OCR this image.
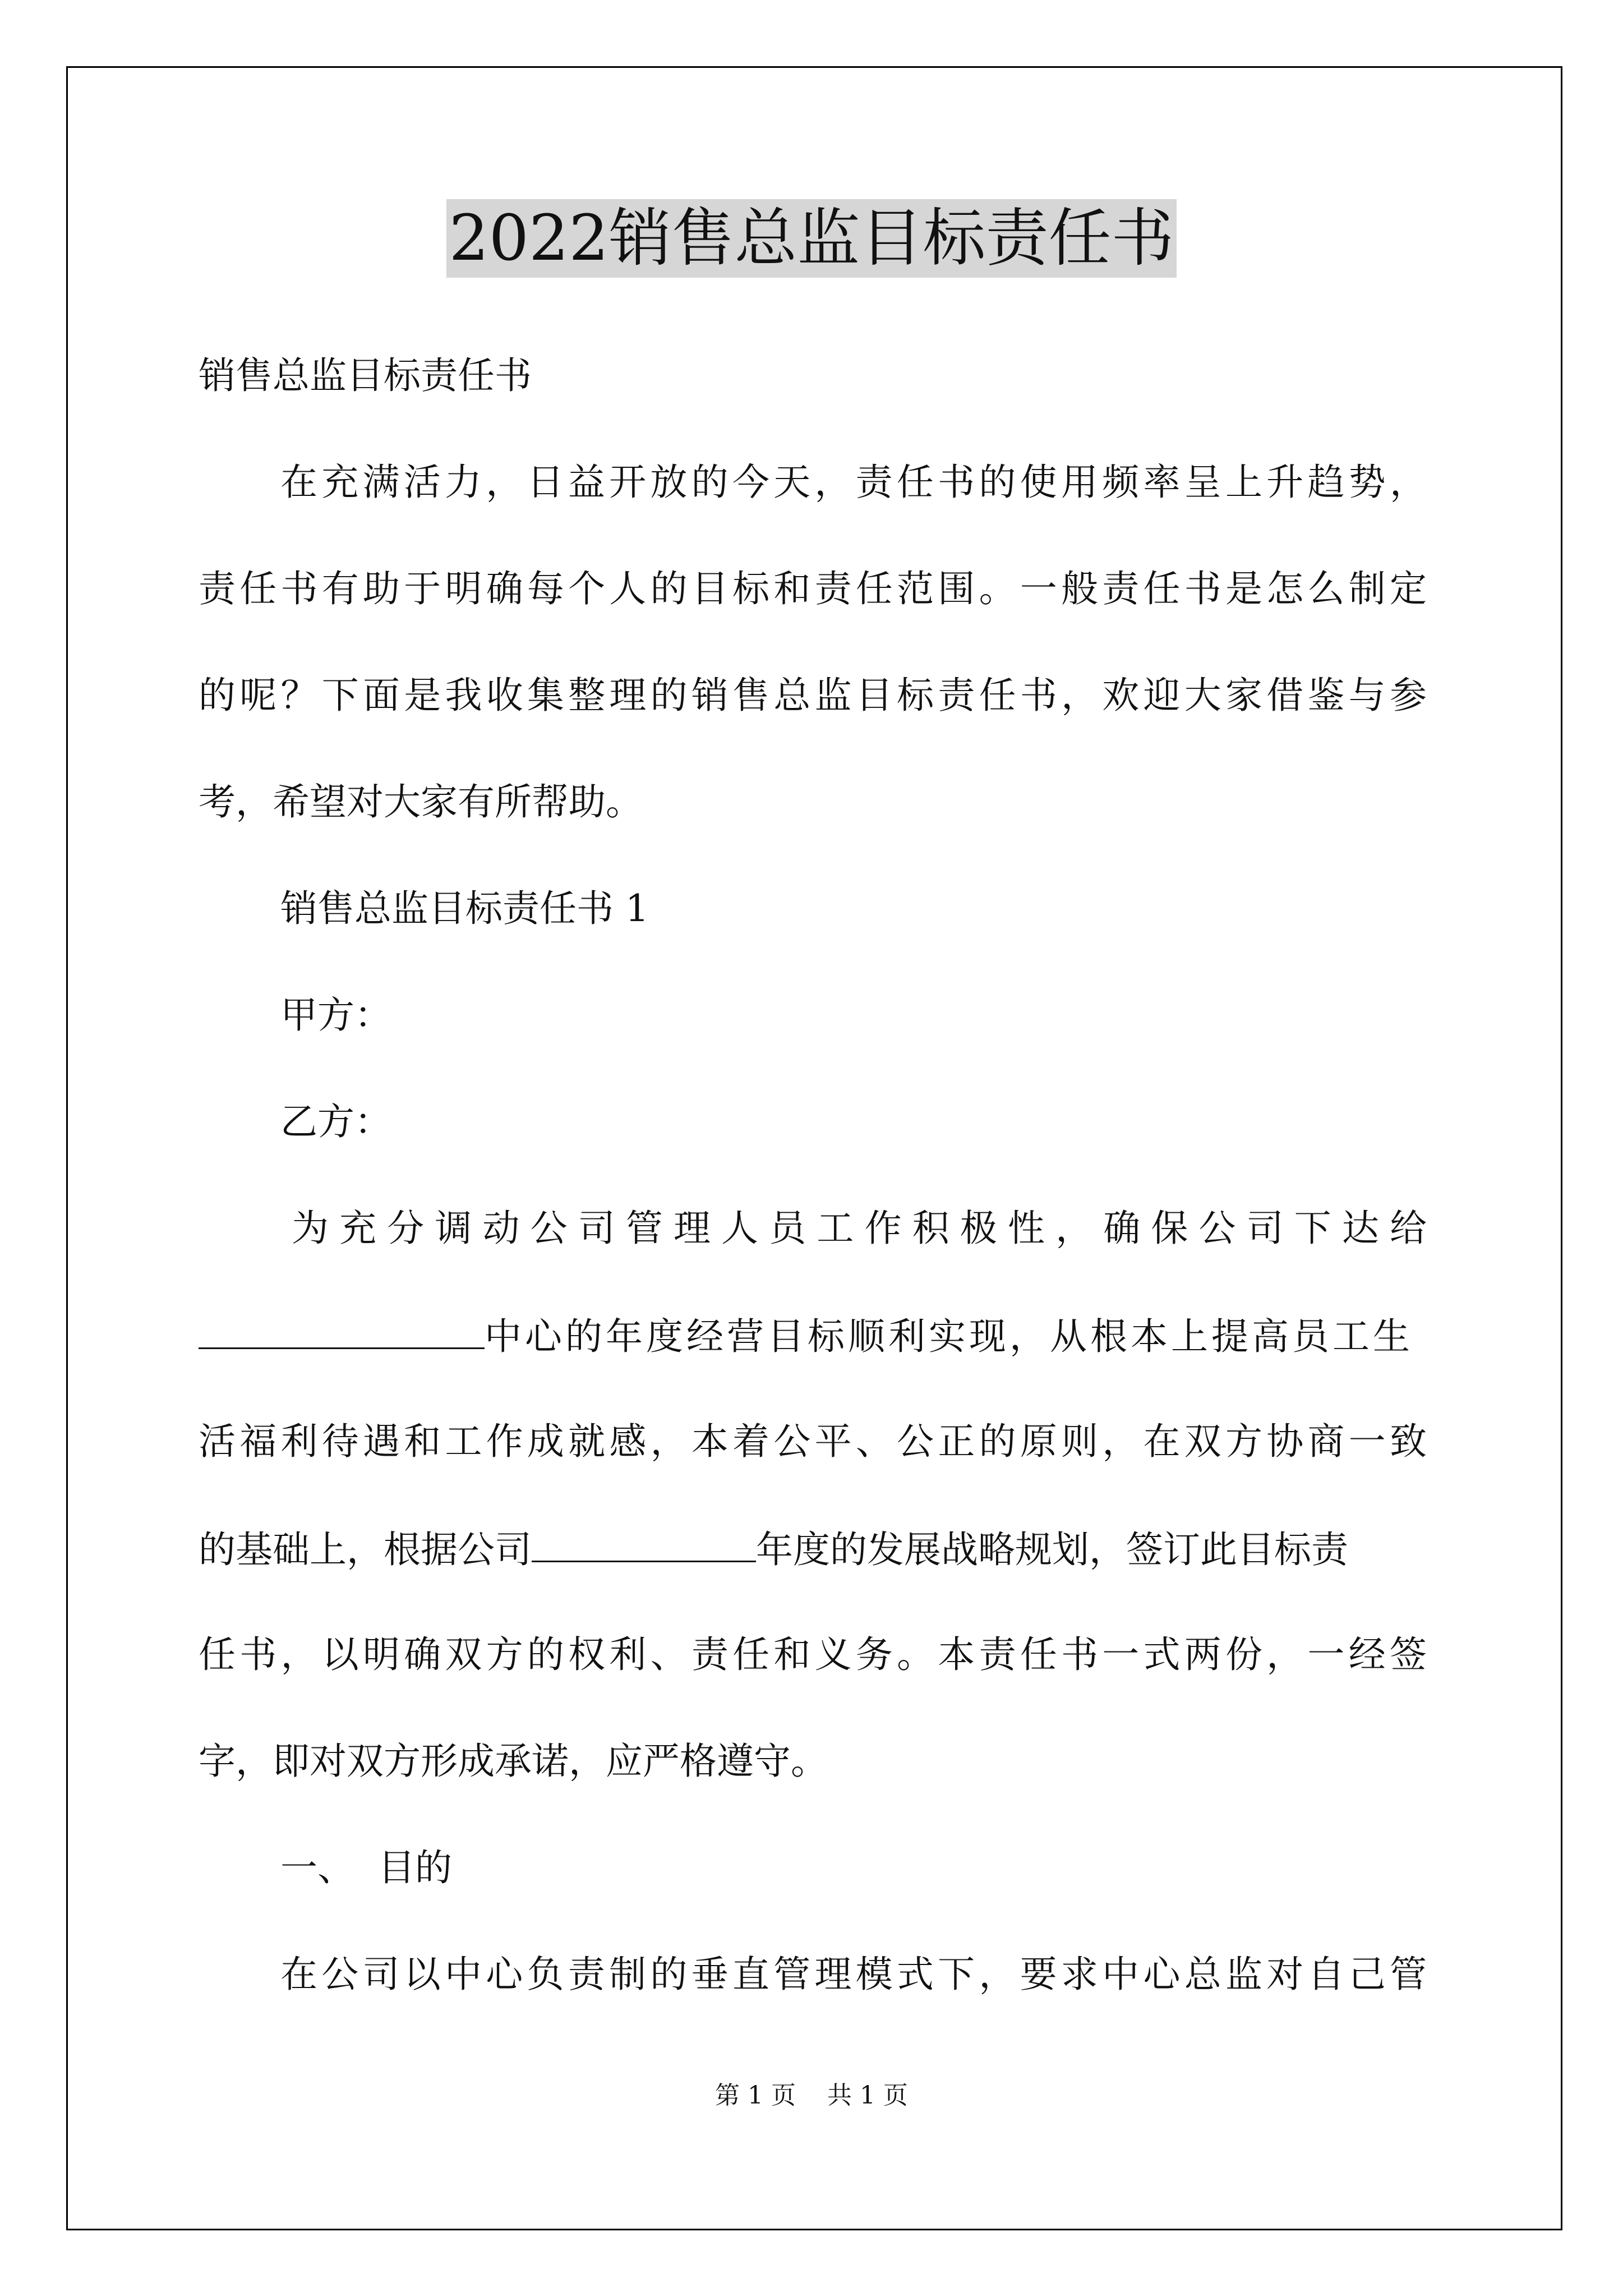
2022销售总监目标责任书
销售总监目标责任书
在充满活力，日益开放的今天，责任书的使用频率呈上升趋势，
责任书有助于明确每个人的目标和责任范围。一般责任书是怎么制定
的呢？下面是我收集整理的销售总监目标责任书，欢迎大家借鉴与参
考，希望对大家有所帮助。
销售总监目标责任书 1
甲方：
乙方：
为充分调动公司管理人员工作积极性，确保公司下达给
中心的年度经营目标顺利实现，从根本上提高员工生
活福利待遇和工作成就感，本着公平、公正的原则，在双方协商一致
的基础上，根据公司	年度的发展战略规划，签订此目标责
任书，以明确双方的权利、责任和义务。本责任书一式两份，一经签
字，即对双方形成承诺，应严格遵守。
一、  目的
在公司以中心负责制的垂直管理模式下，要求中心总监对自己管
第 1 页    共 1 页
